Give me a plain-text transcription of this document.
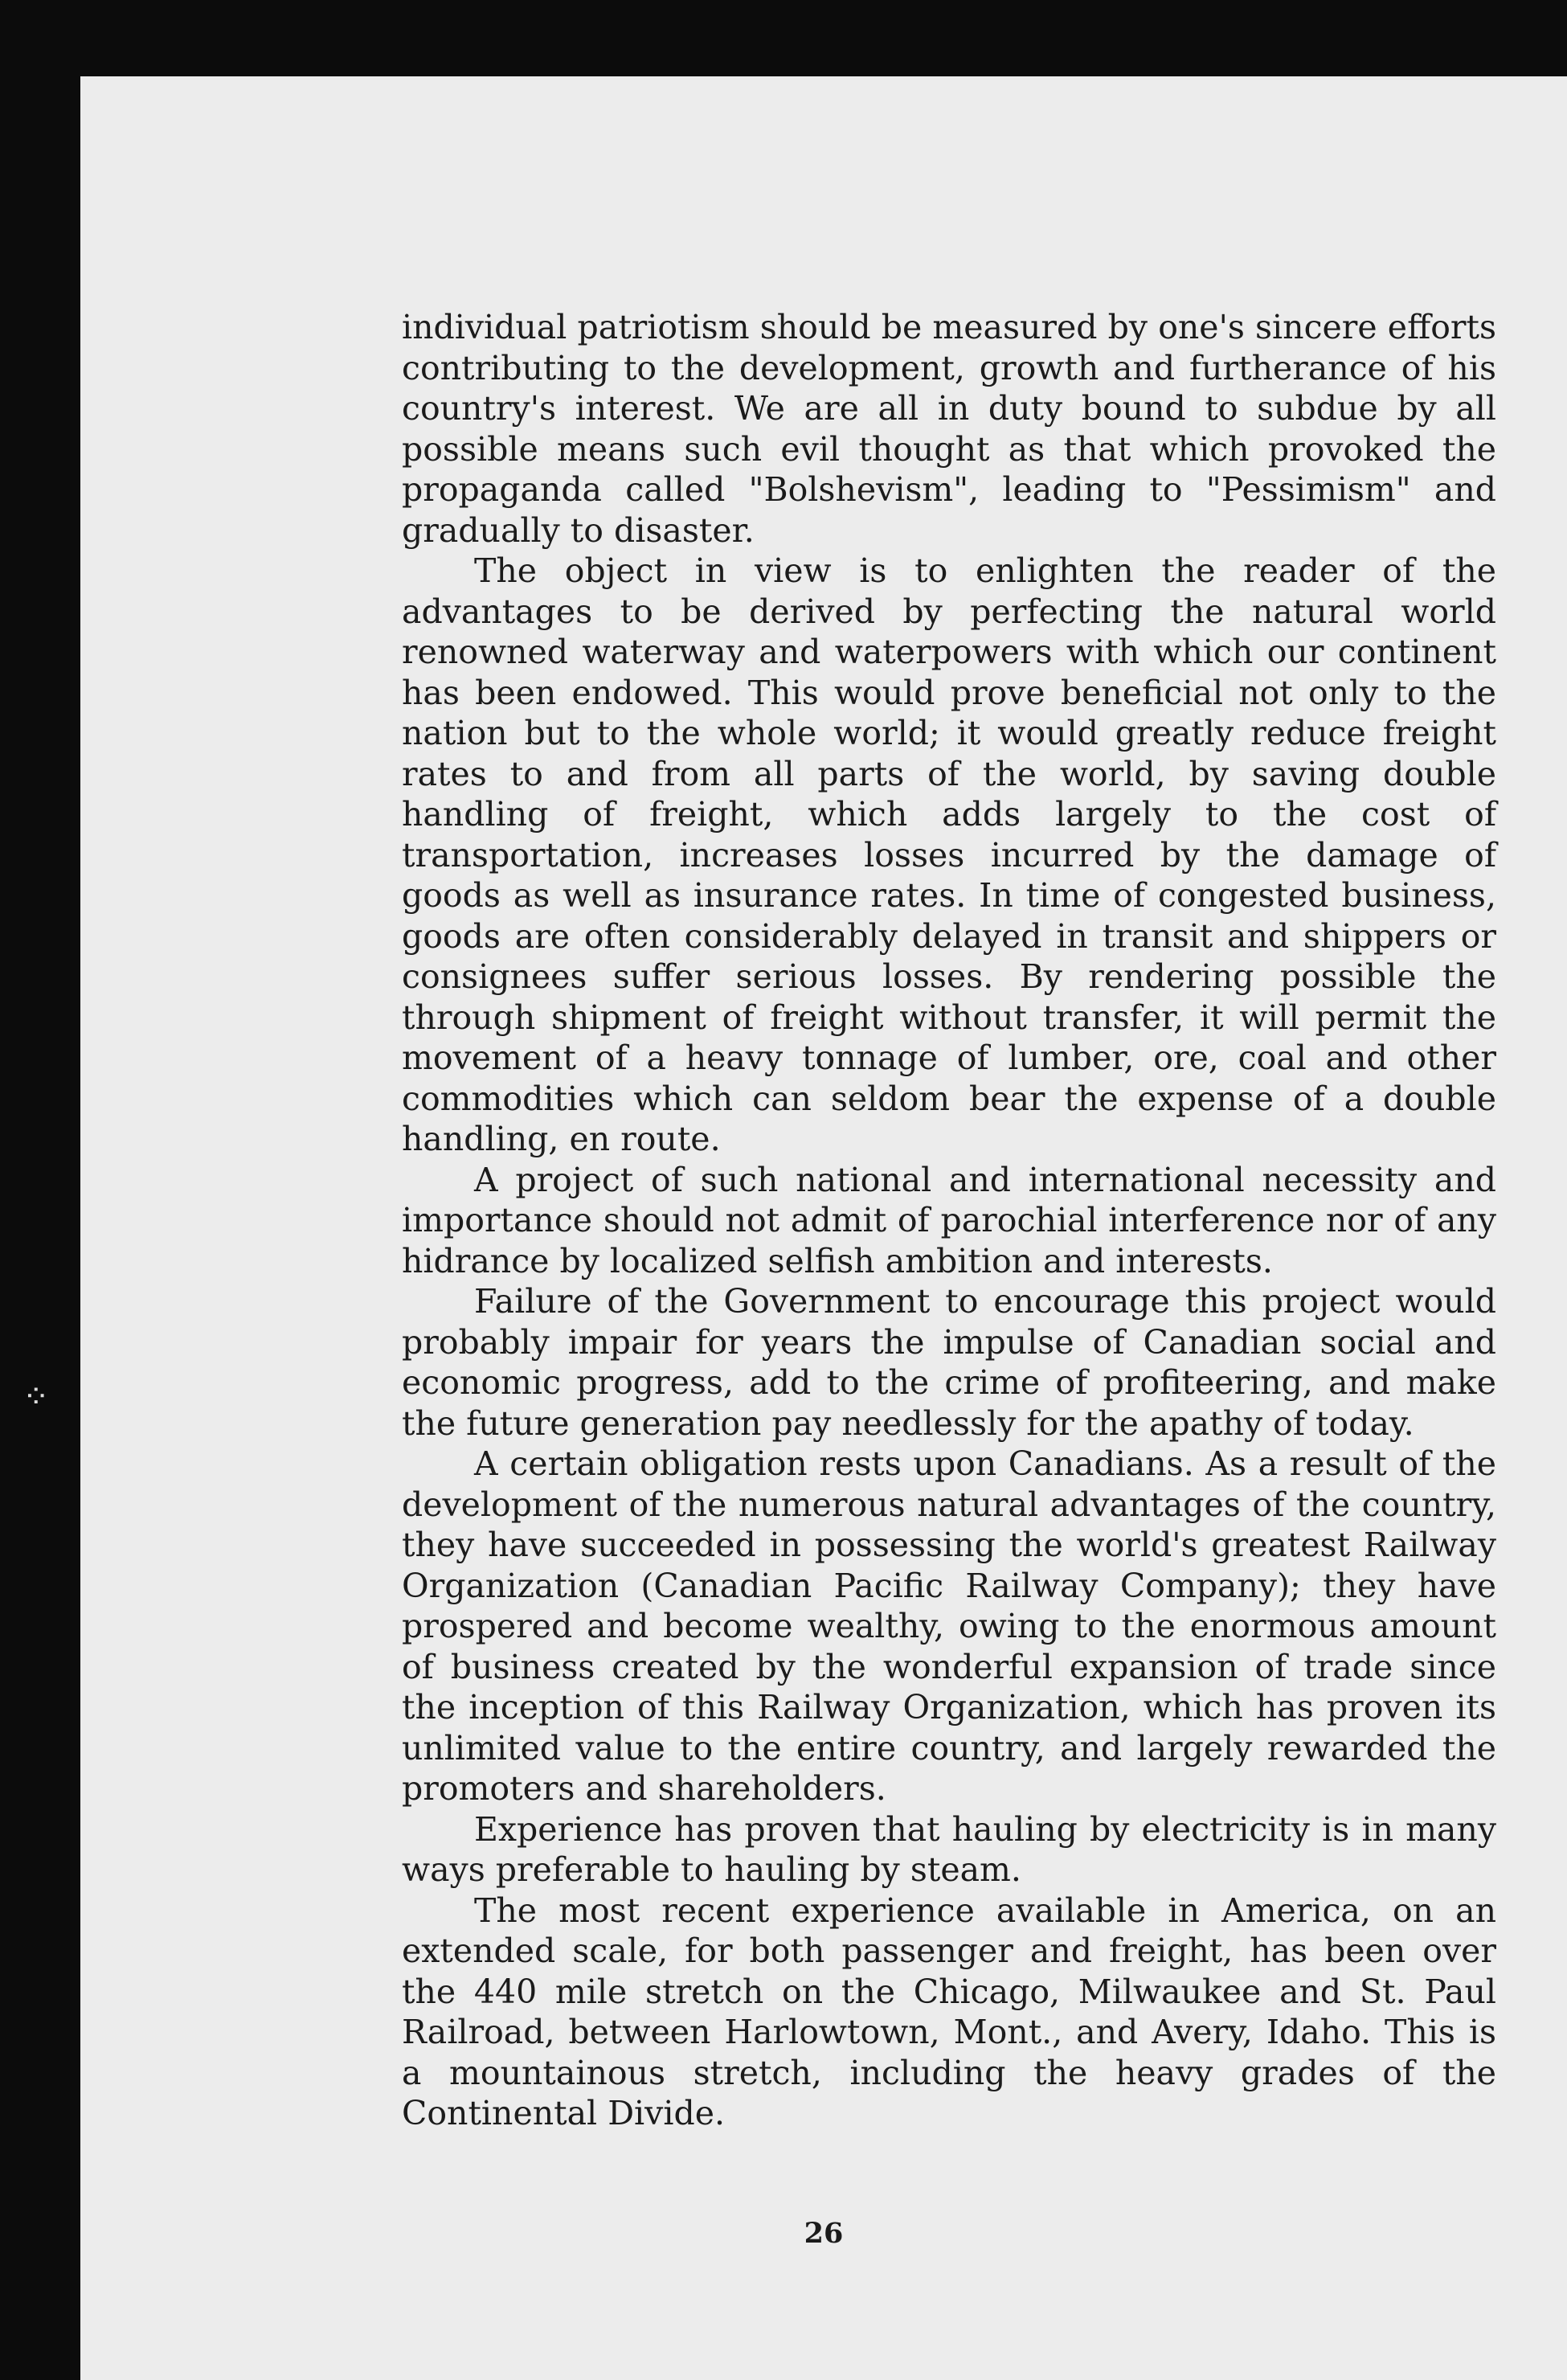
individual patriotism should be measured by one's sincere efforts contributing to the development, growth and furtherance of his country's interest. We are all in duty bound to subdue by all possible means such evil thought as that which provoked the propaganda called "Bolshevism", leading to "Pessimism" and gradually to disaster.

The object in view is to enlighten the reader of the advantages to be derived by perfecting the natural world renowned waterway and waterpowers with which our continent has been endowed. This would prove beneficial not only to the nation but to the whole world; it would greatly reduce freight rates to and from all parts of the world, by saving double handling of freight, which adds largely to the cost of transportation, increases losses incurred by the damage of goods as well as insurance rates. In time of congested business, goods are often considerably delayed in transit and shippers or consignees suffer serious losses. By rendering possible the through shipment of freight without transfer, it will permit the movement of a heavy tonnage of lumber, ore, coal and other commodities which can seldom bear the expense of a double handling, en route.

A project of such national and international necessity and importance should not admit of parochial interference nor of any hidrance by localized selfish ambition and interests.

Failure of the Government to encourage this project would probably impair for years the impulse of Canadian social and economic progress, add to the crime of profiteering, and make the future generation pay needlessly for the apathy of today.

A certain obligation rests upon Canadians. As a result of the development of the numerous natural advantages of the country, they have succeeded in possessing the world's greatest Railway Organization (Canadian Pacific Railway Company); they have prospered and become wealthy, owing to the enormous amount of business created by the wonderful expansion of trade since the inception of this Railway Organization, which has proven its unlimited value to the entire country, and largely rewarded the promoters and shareholders.

Experience has proven that hauling by electricity is in many ways preferable to hauling by steam.

The most recent experience available in America, on an extended scale, for both passenger and freight, has been over the 440 mile stretch on the Chicago, Milwaukee and St. Paul Railroad, between Harlowtown, Mont., and Avery, Idaho. This is a mountainous stretch, including the heavy grades of the Continental Divide.

26
⁘
